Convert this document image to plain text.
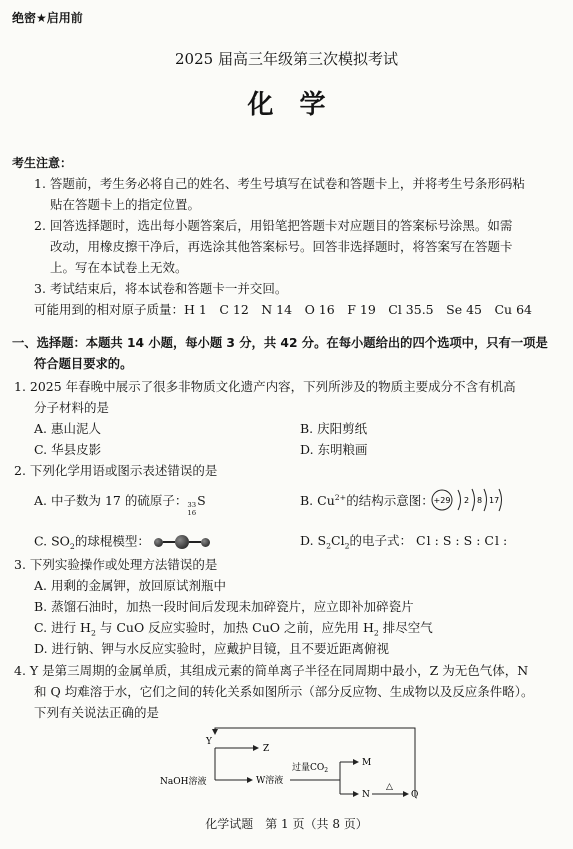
绝密★启用前
2025 届高三年级第三次模拟考试
化　学
考生注意：
1. 答题前，考生务必将自己的姓名、考生号填写在试卷和答题卡上，并将考生号条形码粘
贴在答题卡上的指定位置。
2. 回答选择题时，选出每小题答案后，用铅笔把答题卡对应题目的答案标号涂黑。如需
改动，用橡皮擦干净后，再选涂其他答案标号。回答非选择题时，将答案写在答题卡
上。写在本试卷上无效。
3. 考试结束后，将本试卷和答题卡一并交回。
可能用到的相对原子质量：H 1　C 12　N 14　O 16　F 19　Cl 35.5　Se 45　Cu 64
一、选择题：本题共 14 小题，每小题 3 分，共 42 分。在每小题给出的四个选项中，只有一项是
符合题目要求的。
1. 2025 年春晚中展示了很多非物质文化遗产内容，下列所涉及的物质主要成分不含有机高
分子材料的是
A. 惠山泥人	B. 庆阳剪纸
C. 华县皮影	D. 东明粮画
2. 下列化学用语或图示表述错误的是
A. 中子数为 17 的硫原子： 33
16
S	B. $Cu^{2+}$的结构示意图： +29 2 8 17
C. $SO_2$的球棍模型：	D. $S_2Cl_2$的电子式： Cl : S : S : Cl :
3. 下列实验操作或处理方法错误的是
A. 用剩的金属钾，放回原试剂瓶中
B. 蒸馏石油时，加热一段时间后发现未加碎瓷片，应立即补加碎瓷片
C. 进行 $H_2$ 与 CuO 反应实验时，加热 CuO 之前，应先用 $H_2$ 排尽空气
D. 进行钠、钾与水反应实验时，应戴护目镜，且不要近距离俯视
4. Y 是第三周期的金属单质，其组成元素的简单离子半径在同周期中最小，Z 为无色气体，N
和 Q 均难溶于水，它们之间的转化关系如图所示（部分反应物、生成物以及反应条件略）。
下列有关说法正确的是
Y
NaOH溶液
Z
W溶液
过量$CO_2$
M
N
△
Q
化学试题　第 1 页（共 8 页）
